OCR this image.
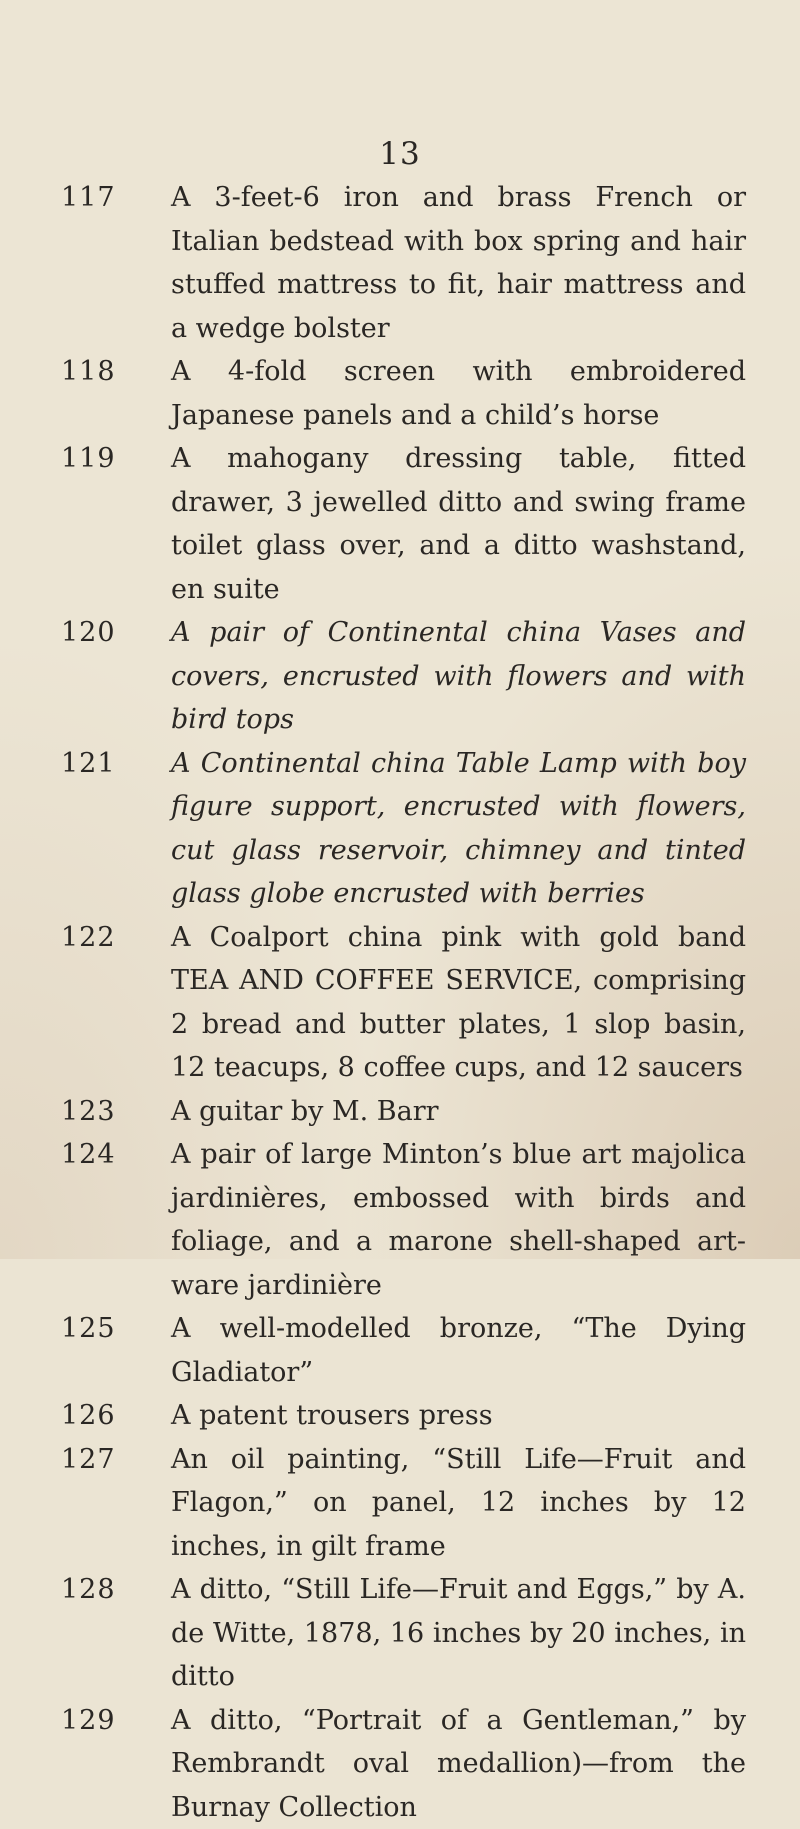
13
117	A 3-feet-6 iron and brass French or Italian bedstead with box spring and hair stuffed mattress to fit, hair mattress and a wedge bolster
118	A 4-fold screen with embroidered Japanese panels and a child’s horse
119	A mahogany dressing table, fitted drawer, 3 jewelled ditto and swing frame toilet glass over, and a ditto washstand, en suite
120	A pair of Continental china Vases and covers, encrusted with flowers and with bird tops
121	A Continental china Table Lamp with boy figure support, encrusted with flowers, cut glass reservoir, chimney and tinted glass globe encrusted with berries
122	A Coalport china pink with gold band TEA AND COFFEE SERVICE, comprising 2 bread and butter plates, 1 slop basin, 12 teacups, 8 coffee cups, and 12 saucers
123	A guitar by M. Barr
124	A pair of large Minton’s blue art majolica jardinières, embossed with birds and foliage, and a marone shell-shaped art-ware jardinière
125	A well-modelled bronze, “The Dying Gladiator”
126	A patent trousers press
127	An oil painting, “Still Life—Fruit and Flagon,” on panel, 12 inches by 12 inches, in gilt frame
128	A ditto, “Still Life—Fruit and Eggs,” by A. de Witte, 1878, 16 inches by 20 inches, in ditto
129	A ditto, “Portrait of a Gentleman,” by Rembrandt oval medallion)—from the Burnay Collection
